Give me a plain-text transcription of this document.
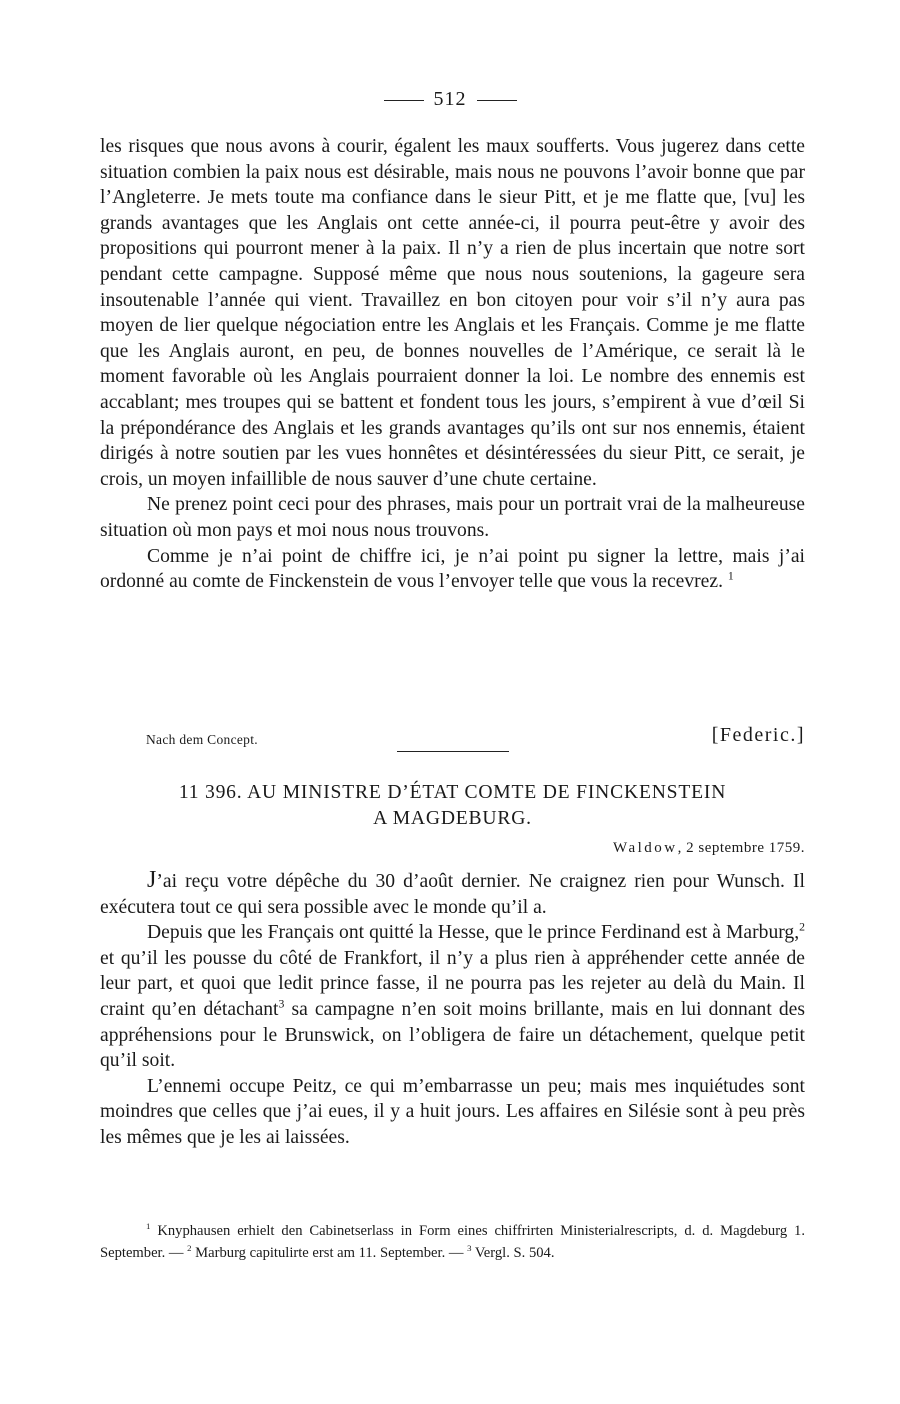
512

les risques que nous avons à courir, égalent les maux soufferts. Vous jugerez dans cette situation combien la paix nous est désirable, mais nous ne pouvons l’avoir bonne que par l’Angleterre. Je mets toute ma confiance dans le sieur Pitt, et je me flatte que, [vu] les grands avantages que les Anglais ont cette année-ci, il pourra peut-être y avoir des propositions qui pourront mener à la paix. Il n’y a rien de plus incertain que notre sort pendant cette campagne. Supposé même que nous nous soutenions, la gageure sera insoutenable l’année qui vient. Travaillez en bon citoyen pour voir s’il n’y aura pas moyen de lier quelque négociation entre les Anglais et les Français. Comme je me flatte que les Anglais auront, en peu, de bonnes nouvelles de l’Amérique, ce serait là le moment favorable où les Anglais pourraient donner la loi. Le nombre des ennemis est accablant; mes troupes qui se battent et fondent tous les jours, s’empirent à vue d’œil Si la prépondérance des Anglais et les grands avantages qu’ils ont sur nos ennemis, étaient dirigés à notre soutien par les vues honnêtes et désintéressées du sieur Pitt, ce serait, je crois, un moyen infaillible de nous sauver d’une chute certaine.

Ne prenez point ceci pour des phrases, mais pour un portrait vrai de la malheureuse situation où mon pays et moi nous nous trouvons.

Comme je n’ai point de chiffre ici, je n’ai point pu signer la lettre, mais j’ai ordonné au comte de Finckenstein de vous l’envoyer telle que vous la recevrez. $^1$

Nach dem Concept.	[Federic.]
11 396. AU MINISTRE D’ÉTAT COMTE DE FINCKENSTEIN
A MAGDEBURG.
Waldow, 2 septembre 1759.

J’ai reçu votre dépêche du 30 d’août dernier. Ne craignez rien pour Wunsch. Il exécutera tout ce qui sera possible avec le monde qu’il a.

Depuis que les Français ont quitté la Hesse, que le prince Ferdinand est à Marburg,$^2$ et qu’il les pousse du côté de Frankfort, il n’y a plus rien à appréhender cette année de leur part, et quoi que ledit prince fasse, il ne pourra pas les rejeter au delà du Main. Il craint qu’en détachant$^3$ sa campagne n’en soit moins brillante, mais en lui donnant des appréhensions pour le Brunswick, on l’obligera de faire un détachement, quelque petit qu’il soit.

L’ennemi occupe Peitz, ce qui m’embarrasse un peu; mais mes inquiétudes sont moindres que celles que j’ai eues, il y a huit jours. Les affaires en Silésie sont à peu près les mêmes que je les ai laissées.

$^1$ Knyphausen erhielt den Cabinetserlass in Form eines chiffrirten Ministerialrescripts, d. d. Magdeburg 1. September. — $^2$ Marburg capitulirte erst am 11. September. — $^3$ Vergl. S. 504.
